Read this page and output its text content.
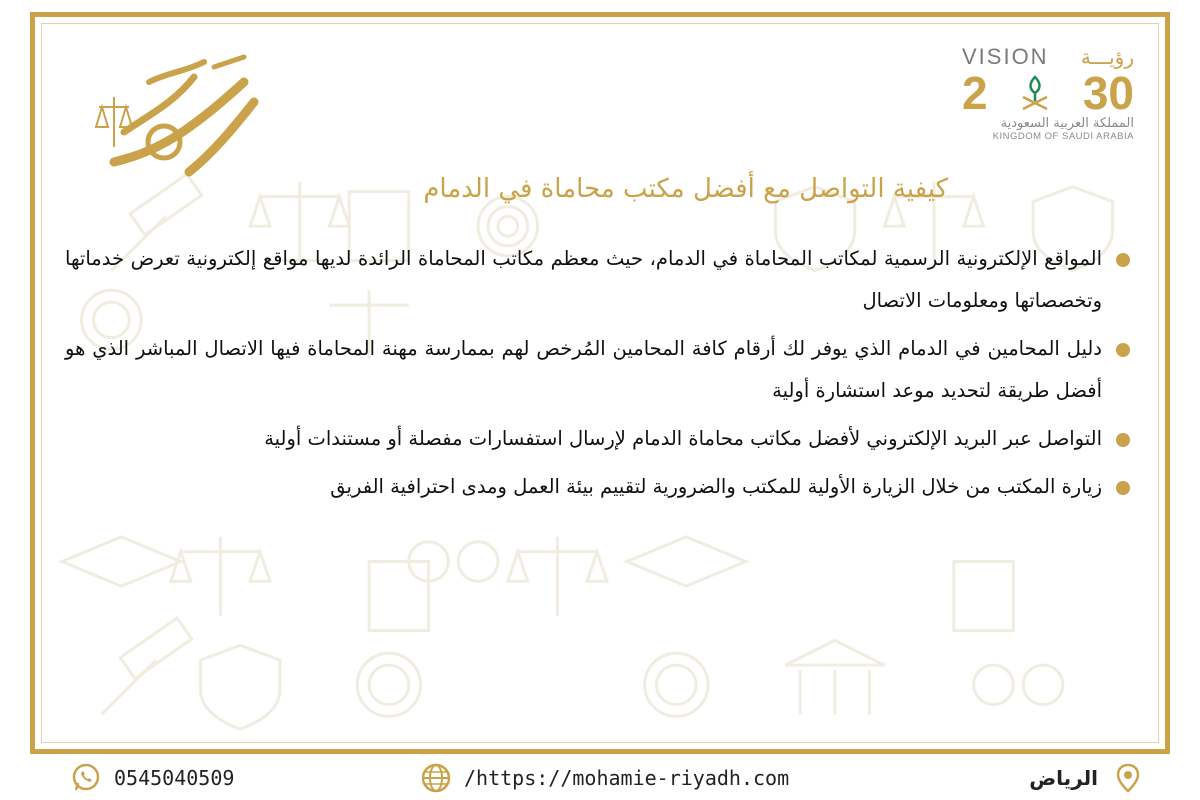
VISION رؤيـــة
2 30
المملكة العربية السعودية
KINGDOM OF SAUDI ARABIA
كيفية التواصل مع أفضل مكتب محاماة في الدمام
المواقع الإلكترونية الرسمية لمكاتب المحاماة في الدمام، حيث معظم مكاتب المحاماة الرائدة لديها مواقع إلكترونية تعرض خدماتها وتخصصاتها ومعلومات الاتصال
دليل المحامين في الدمام الذي يوفر لك أرقام كافة المحامين المُرخص لهم بممارسة مهنة المحاماة فيها الاتصال المباشر الذي هو أفضل طريقة لتحديد موعد استشارة أولية
التواصل عبر البريد الإلكتروني لأفضل مكاتب محاماة الدمام لإرسال استفسارات مفصلة أو مستندات أولية
زيارة المكتب من خلال الزيارة الأولية للمكتب والضرورية لتقييم بيئة العمل ومدى احترافية الفريق
0545040509	/https://mohamie-riyadh.com	الرياض
